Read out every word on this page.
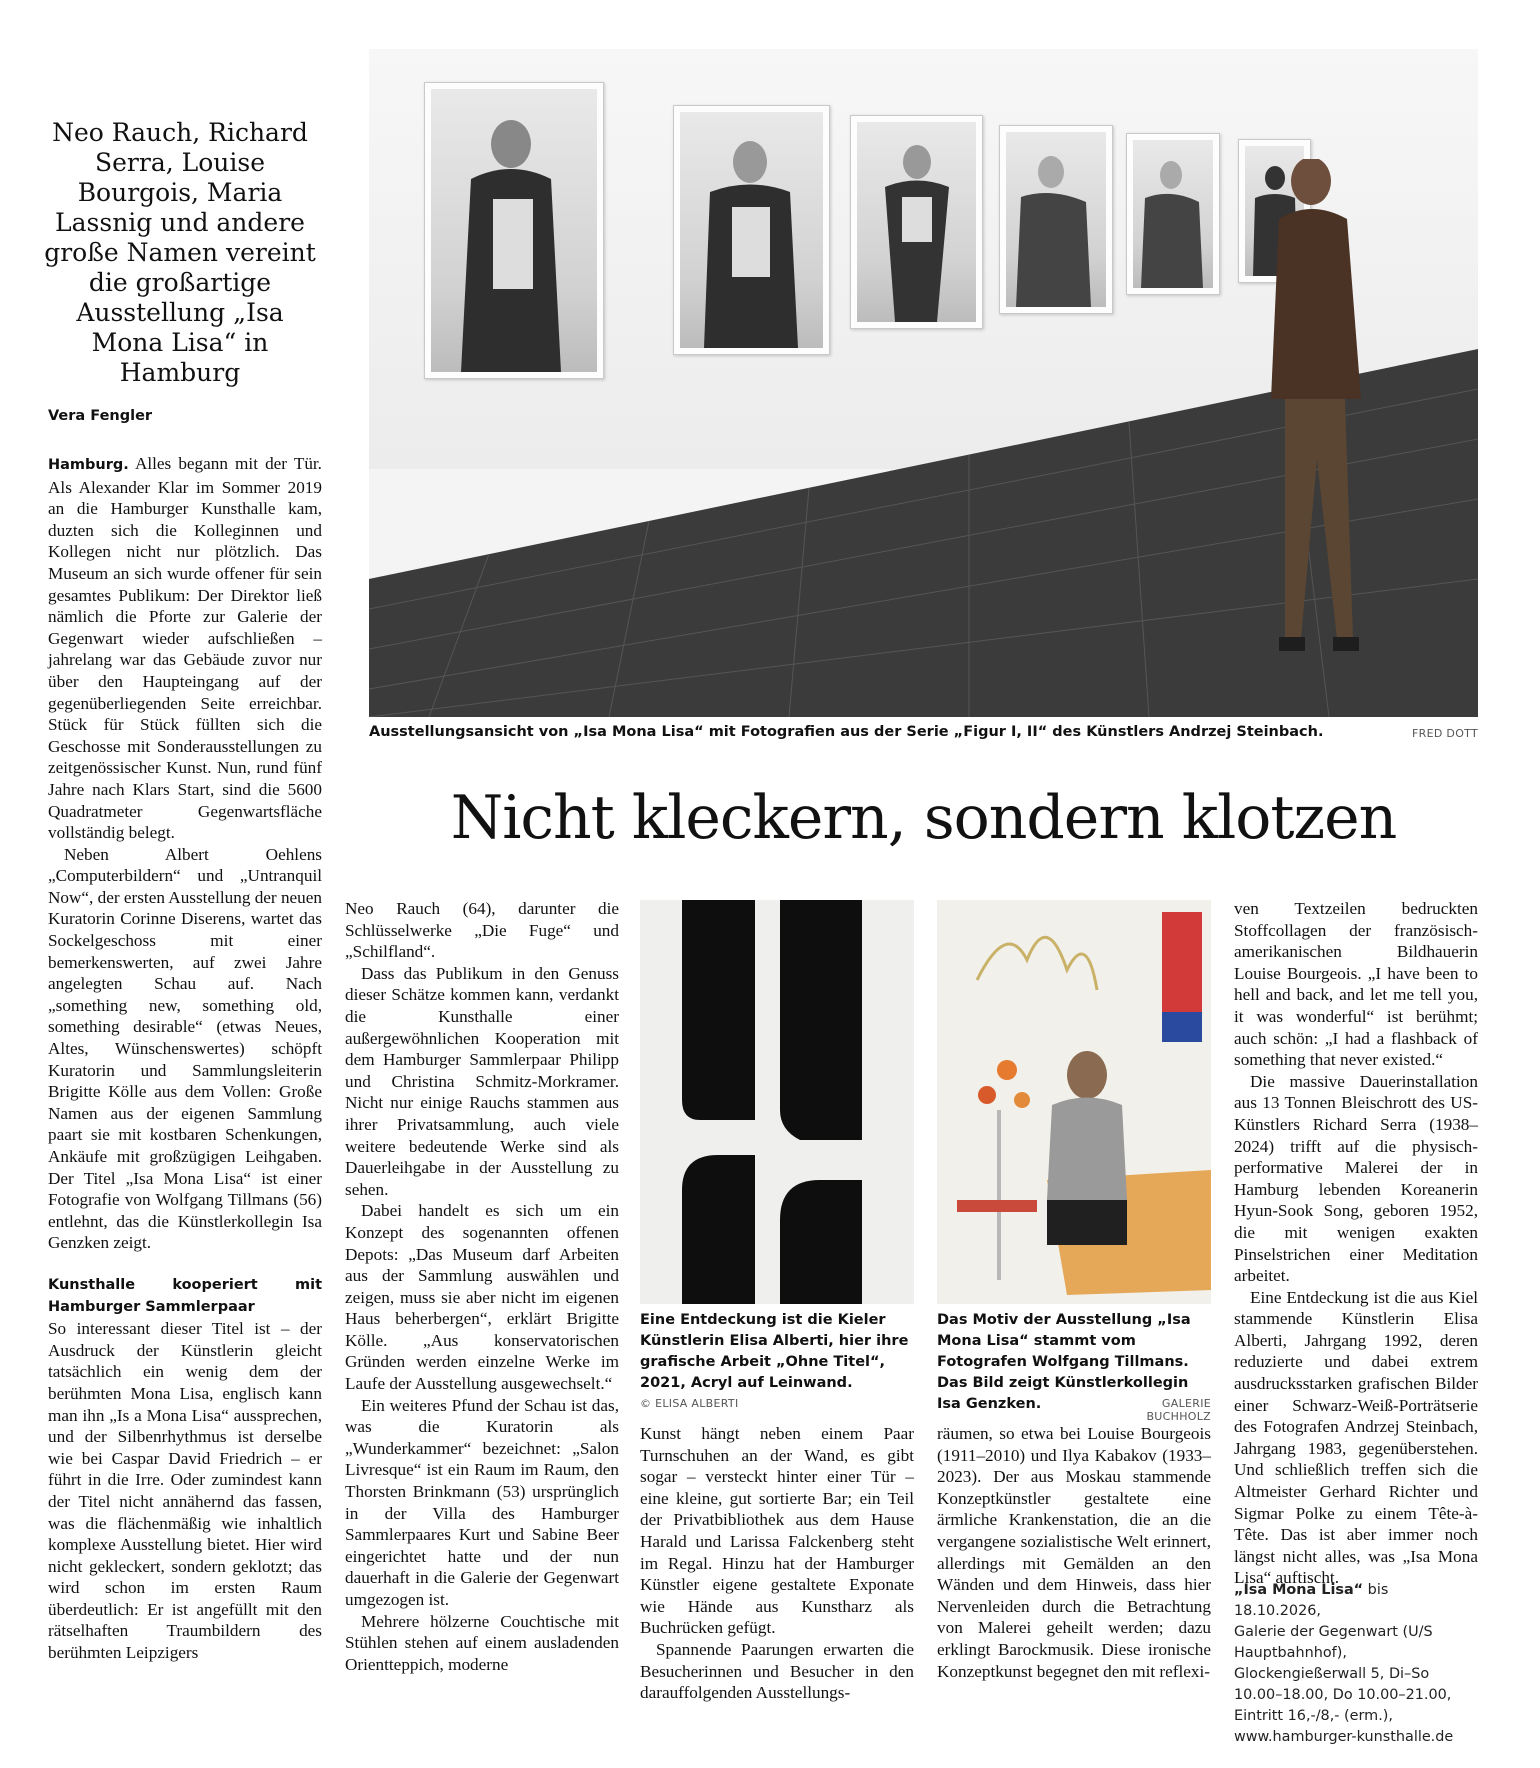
Neo Rauch, Richard Serra, Louise Bourgois, Maria Lassnig und andere große Namen vereint die großartige Ausstellung „Isa Mona Lisa“ in Hamburg
Vera Fengler
Ausstellungsansicht von „Isa Mona Lisa“ mit Fotografien aus der Serie „Figur I, II“ des Künstlers Andrzej Steinbach.	FRED DOTT
Nicht kleckern, sondern klotzen

Hamburg. Alles begann mit der Tür. Als Alexander Klar im Sommer 2019 an die Hamburger Kunsthalle kam, duzten sich die Kolleginnen und Kollegen nicht nur plötzlich. Das Museum an sich wurde offener für sein gesamtes Publikum: Der Direktor ließ nämlich die Pforte zur Galerie der Gegenwart wieder aufschließen – jahrelang war das Gebäude zuvor nur über den Haupteingang auf der gegenüberliegenden Seite erreichbar. Stück für Stück füllten sich die Geschosse mit Sonderausstellungen zu zeitgenössischer Kunst. Nun, rund fünf Jahre nach Klars Start, sind die 5600 Quadratmeter Gegenwartsfläche vollständig belegt.

Neben Albert Oehlens „Computerbildern“ und „Untranquil Now“, der ersten Ausstellung der neuen Kuratorin Corinne Diserens, wartet das Sockelgeschoss mit einer bemerkenswerten, auf zwei Jahre angelegten Schau auf. Nach „something new, something old, something desirable“ (etwas Neues, Altes, Wünschenswertes) schöpft Kuratorin und Sammlungsleiterin Brigitte Kölle aus dem Vollen: Große Namen aus der eigenen Sammlung paart sie mit kostbaren Schenkungen, Ankäufe mit großzügigen Leihgaben. Der Titel „Isa Mona Lisa“ ist einer Fotografie von Wolfgang Tillmans (56) entlehnt, das die Künstlerkollegin Isa Genzken zeigt.

Kunsthalle kooperiert mit Hamburger Sammlerpaar

So interessant dieser Titel ist – der Ausdruck der Künstlerin gleicht tatsächlich ein wenig dem der berühmten Mona Lisa, englisch kann man ihn „Is a Mona Lisa“ aussprechen, und der Silbenrhythmus ist derselbe wie bei Caspar David Friedrich – er führt in die Irre. Oder zumindest kann der Titel nicht annähernd das fassen, was die flächenmäßig wie inhaltlich komplexe Ausstellung bietet. Hier wird nicht gekleckert, sondern geklotzt; das wird schon im ersten Raum überdeutlich: Er ist angefüllt mit den rätselhaften Traumbildern des berühmten Leipzigers

Neo Rauch (64), darunter die Schlüsselwerke „Die Fuge“ und „Schilfland“.

Dass das Publikum in den Genuss dieser Schätze kommen kann, verdankt die Kunsthalle einer außergewöhnlichen Kooperation mit dem Hamburger Sammlerpaar Philipp und Christina Schmitz-Morkramer. Nicht nur einige Rauchs stammen aus ihrer Privatsammlung, auch viele weitere bedeutende Werke sind als Dauerleihgabe in der Ausstellung zu sehen.

Dabei handelt es sich um ein Konzept des sogenannten offenen Depots: „Das Museum darf Arbeiten aus der Sammlung auswählen und zeigen, muss sie aber nicht im eigenen Haus beherbergen“, erklärt Brigitte Kölle. „Aus konservatorischen Gründen werden einzelne Werke im Laufe der Ausstellung ausgewechselt.“

Ein weiteres Pfund der Schau ist das, was die Kuratorin als „Wunderkammer“ bezeichnet: „Salon Livresque“ ist ein Raum im Raum, den Thorsten Brinkmann (53) ursprünglich in der Villa des Hamburger Sammlerpaares Kurt und Sabine Beer eingerichtet hatte und der nun dauerhaft in die Galerie der Gegenwart umgezogen ist.

Mehrere hölzerne Couchtische mit Stühlen stehen auf einem ausladenden Orientteppich, moderne

Eine Entdeckung ist die Kieler Künstlerin Elisa Alberti, hier ihre grafische Arbeit „Ohne Titel“, 2021, Acryl auf Leinwand.
© ELISA ALBERTI
Das Motiv der Ausstellung „Isa Mona Lisa“ stammt vom Fotografen Wolfgang Tillmans. Das Bild zeigt Künstlerkollegin Isa Genzken.	GALERIE BUCHHOLZ

Kunst hängt neben einem Paar Turnschuhen an der Wand, es gibt sogar – versteckt hinter einer Tür – eine kleine, gut sortierte Bar; ein Teil der Privatbibliothek aus dem Hause Harald und Larissa Falckenberg steht im Regal. Hinzu hat der Hamburger Künstler eigene gestaltete Exponate wie Hände aus Kunstharz als Buchrücken gefügt.

Spannende Paarungen erwarten die Besucherinnen und Besucher in den darauffolgenden Ausstellungs-

räumen, so etwa bei Louise Bourgeois (1911–2010) und Ilya Kabakov (1933–2023). Der aus Moskau stammende Konzeptkünstler gestaltete eine ärmliche Krankenstation, die an die vergangene sozialistische Welt erinnert, allerdings mit Gemälden an den Wänden und dem Hinweis, dass hier Nervenleiden durch die Betrachtung von Malerei geheilt werden; dazu erklingt Barockmusik. Diese ironische Konzeptkunst begegnet den mit reflexi-

ven Textzeilen bedruckten Stoffcollagen der französisch-amerikanischen Bildhauerin Louise Bourgeois. „I have been to hell and back, and let me tell you, it was wonderful“ ist berühmt; auch schön: „I had a flashback of something that never existed.“

Die massive Dauerinstallation aus 13 Tonnen Bleischrott des US-Künstlers Richard Serra (1938–2024) trifft auf die physisch-performative Malerei der in Hamburg lebenden Koreanerin Hyun-Sook Song, geboren 1952, die mit wenigen exakten Pinselstrichen einer Meditation arbeitet.

Eine Entdeckung ist die aus Kiel stammende Künstlerin Elisa Alberti, Jahrgang 1992, deren reduzierte und dabei extrem ausdrucksstarken grafischen Bilder einer Schwarz-Weiß-Porträtserie des Fotografen Andrzej Steinbach, Jahrgang 1983, gegenüberstehen. Und schließlich treffen sich die Altmeister Gerhard Richter und Sigmar Polke zu einem Tête-à-Tête. Das ist aber immer noch längst nicht alles, was „Isa Mona Lisa“ auftischt.

„Isa Mona Lisa“ bis 18.10.2026,
Galerie der Gegenwart (U/S Hauptbahnhof), Glockengießerwall 5, Di–So
10.00–18.00, Do 10.00–21.00,
Eintritt 16,-/8,- (erm.),
www.hamburger-kunsthalle.de
